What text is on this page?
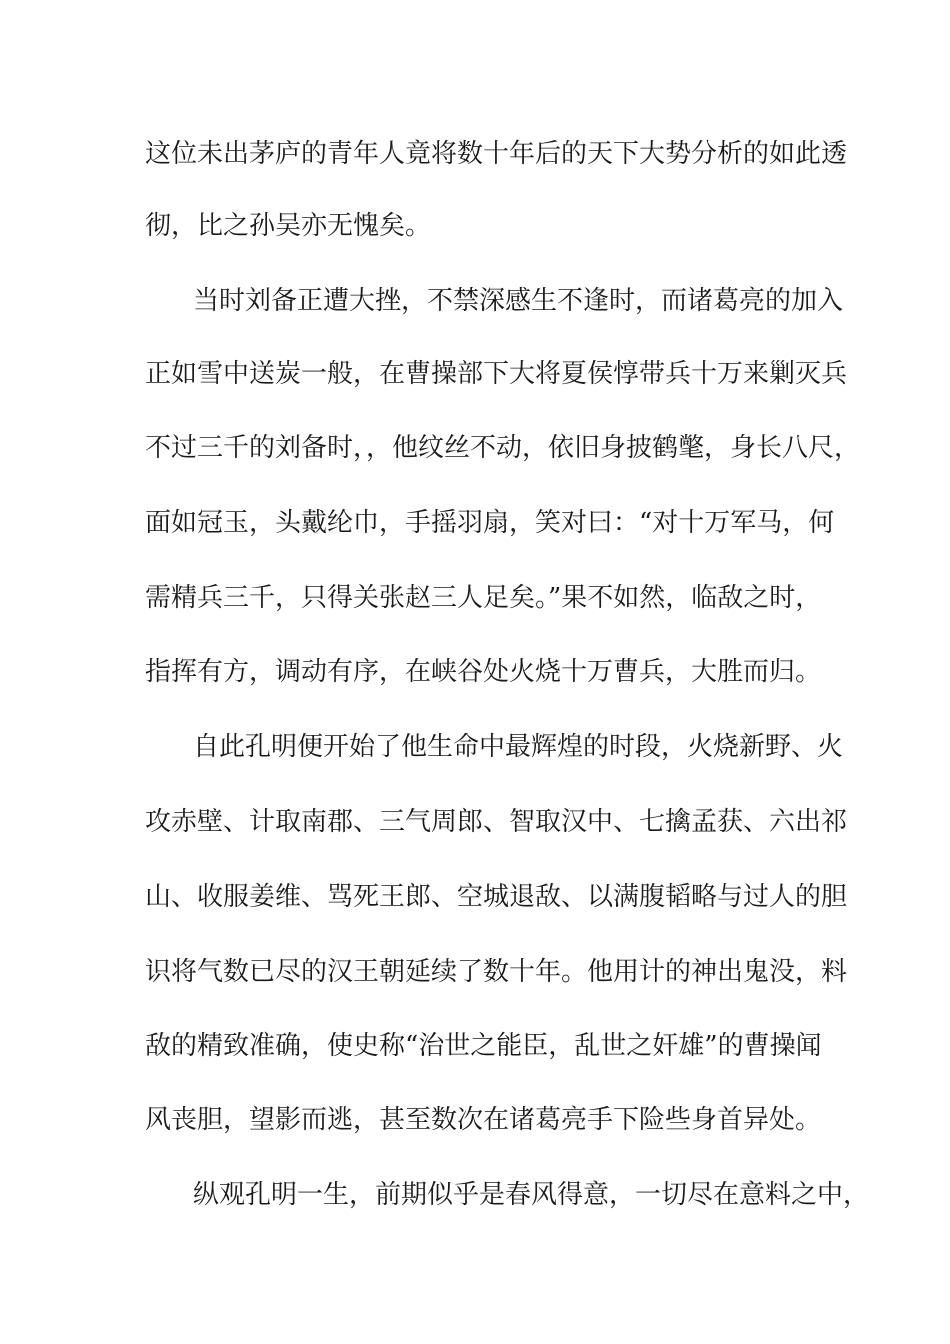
这位未出茅庐的青年人竟将数十年后的天下大势分析的如此透
彻，比之孙吴亦无愧矣。
当时刘备正遭大挫，不禁深感生不逢时，而诸葛亮的加入
正如雪中送炭一般，在曹操部下大将夏侯惇带兵十万来剿灭兵
不过三千的刘备时，，他纹丝不动，依旧身披鹤氅，身长八尺，
面如冠玉，头戴纶巾，手摇羽扇，笑对曰：“对十万军马，何
需精兵三千，只得关张赵三人足矣。”果不如然，临敌之时，
指挥有方，调动有序，在峡谷处火烧十万曹兵，大胜而归。
自此孔明便开始了他生命中最辉煌的时段，火烧新野、火
攻赤壁、计取南郡、三气周郎、智取汉中、七擒孟获、六出祁
山、收服姜维、骂死王郎、空城退敌、以满腹韬略与过人的胆
识将气数已尽的汉王朝延续了数十年。他用计的神出鬼没，料
敌的精致准确，使史称“治世之能臣，乱世之奸雄”的曹操闻
风丧胆，望影而逃，甚至数次在诸葛亮手下险些身首异处。
纵观孔明一生，前期似乎是春风得意，一切尽在意料之中，
